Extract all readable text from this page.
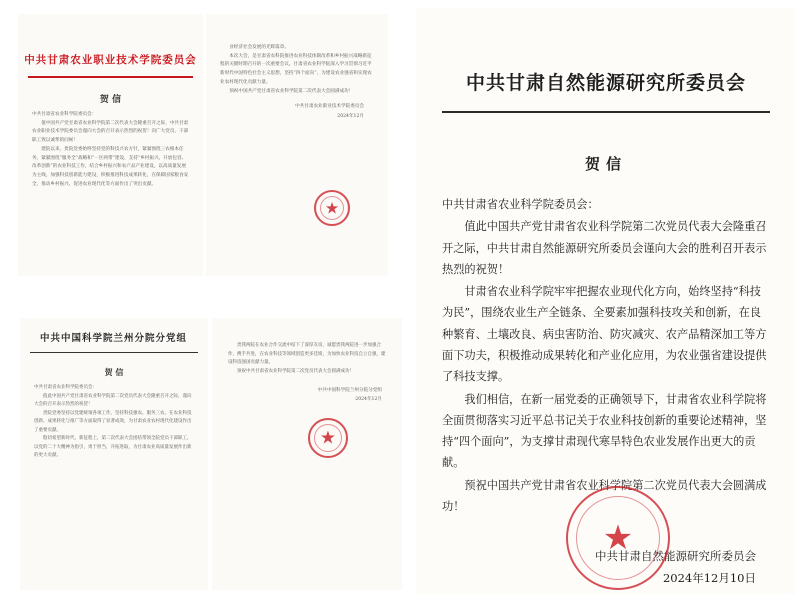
中共甘肃农业职业技术学院委员会
贺 信
中共甘肃省农业科学院委员会：

值中国共产党甘肃省农业科学院第二次代表大会隆重召开之际，中共甘肃农业职业技术学院委员会谨向大会的召开表示热烈的祝贺！向广大党员、干部职工致以诚挚的问候！

建院以来，贵院党委始终坚持党的科技兴农方针，紧紧围绕三农根本任务，紧紧围绕“服务全”战略和“一区两带”建设，支持“乡村振兴、开放包容、改革创新”的农业科技工作，结合乡村振兴和农产品产业建设，以高质量发展为主线，加强科技创新能力建设，积极推进科技成果转化，在保障国家粮食安全、推动乡村振兴、促进农业现代化等方面作出了突出贡献。

业经济社会发展的光辉篇章。

本次大会，是甘肃省农科院推进农业科技体制改革和乡村振兴战略新征程的关键时期召开的一次重要会议。甘肃省农业科学院深入学习贯彻习近平新时代中国特色社会主义思想，坚持“四个面向”，为建设农业强省和实现农业农村现代化贡献力量。

预祝中国共产党甘肃省农业科学院第二次代表大会圆满成功！

中共甘肃农业职业技术学院委员会
2024年12月
★
中共中国科学院兰州分院分党组
贺 信
中共甘肃省农业科学院委员会：

值此中国共产党甘肃省农业科学院第二次党员代表大会隆重召开之际，谨向大会的召开表示热烈的祝贺！

贵院党委坚持以党建统领各项工作，坚持科技强农、服务三农，在农业科技创新、成果转化与推广等方面取得了显著成效，为甘肃农业农村现代化建设作出了重要贡献。

殷切希望新时代，新征程上，第二次代表大会团结带领全院党员干部职工，以党的二十大精神为指引，勇于担当，开拓进取，为甘肃农业高质量发展作出新的更大贡献。

贵我两院在农业合作交流中结下了深厚友谊，诚愿贵我两院进一步加强合作，携手共进，在农业科技等领域创造更多佳绩，为加快农业科技自立自强，建设科技强国贡献力量。

预祝中共甘肃省农业科学院第二次党员代表大会圆满成功！

中共中国科学院兰州分院分党组
2024年12月
★
中共甘肃自然能源研究所委员会
贺信

中共甘肃省农业科学院委员会：

值此中国共产党甘肃省农业科学院第二次党员代表大会隆重召开之际，中共甘肃自然能源研究所委员会谨向大会的胜利召开表示热烈的祝贺！

甘肃省农业科学院牢牢把握农业现代化方向，始终坚持“科技为民”，围绕农业生产全链条、全要素加强科技攻关和创新，在良种繁育、土壤改良、病虫害防治、防灾减灾、农产品精深加工等方面下功夫，积极推动成果转化和产业化应用，为农业强省建设提供了科技支撑。

我们相信，在新一届党委的正确领导下，甘肃省农业科学院将全面贯彻落实习近平总书记关于农业科技创新的重要论述精神，坚持“四个面向”，为支撑甘肃现代寒旱特色农业发展作出更大的贡献。

预祝中国共产党甘肃省农业科学院第二次党员代表大会圆满成功！

中共甘肃自然能源研究所委员会
2024年12月10日
★
